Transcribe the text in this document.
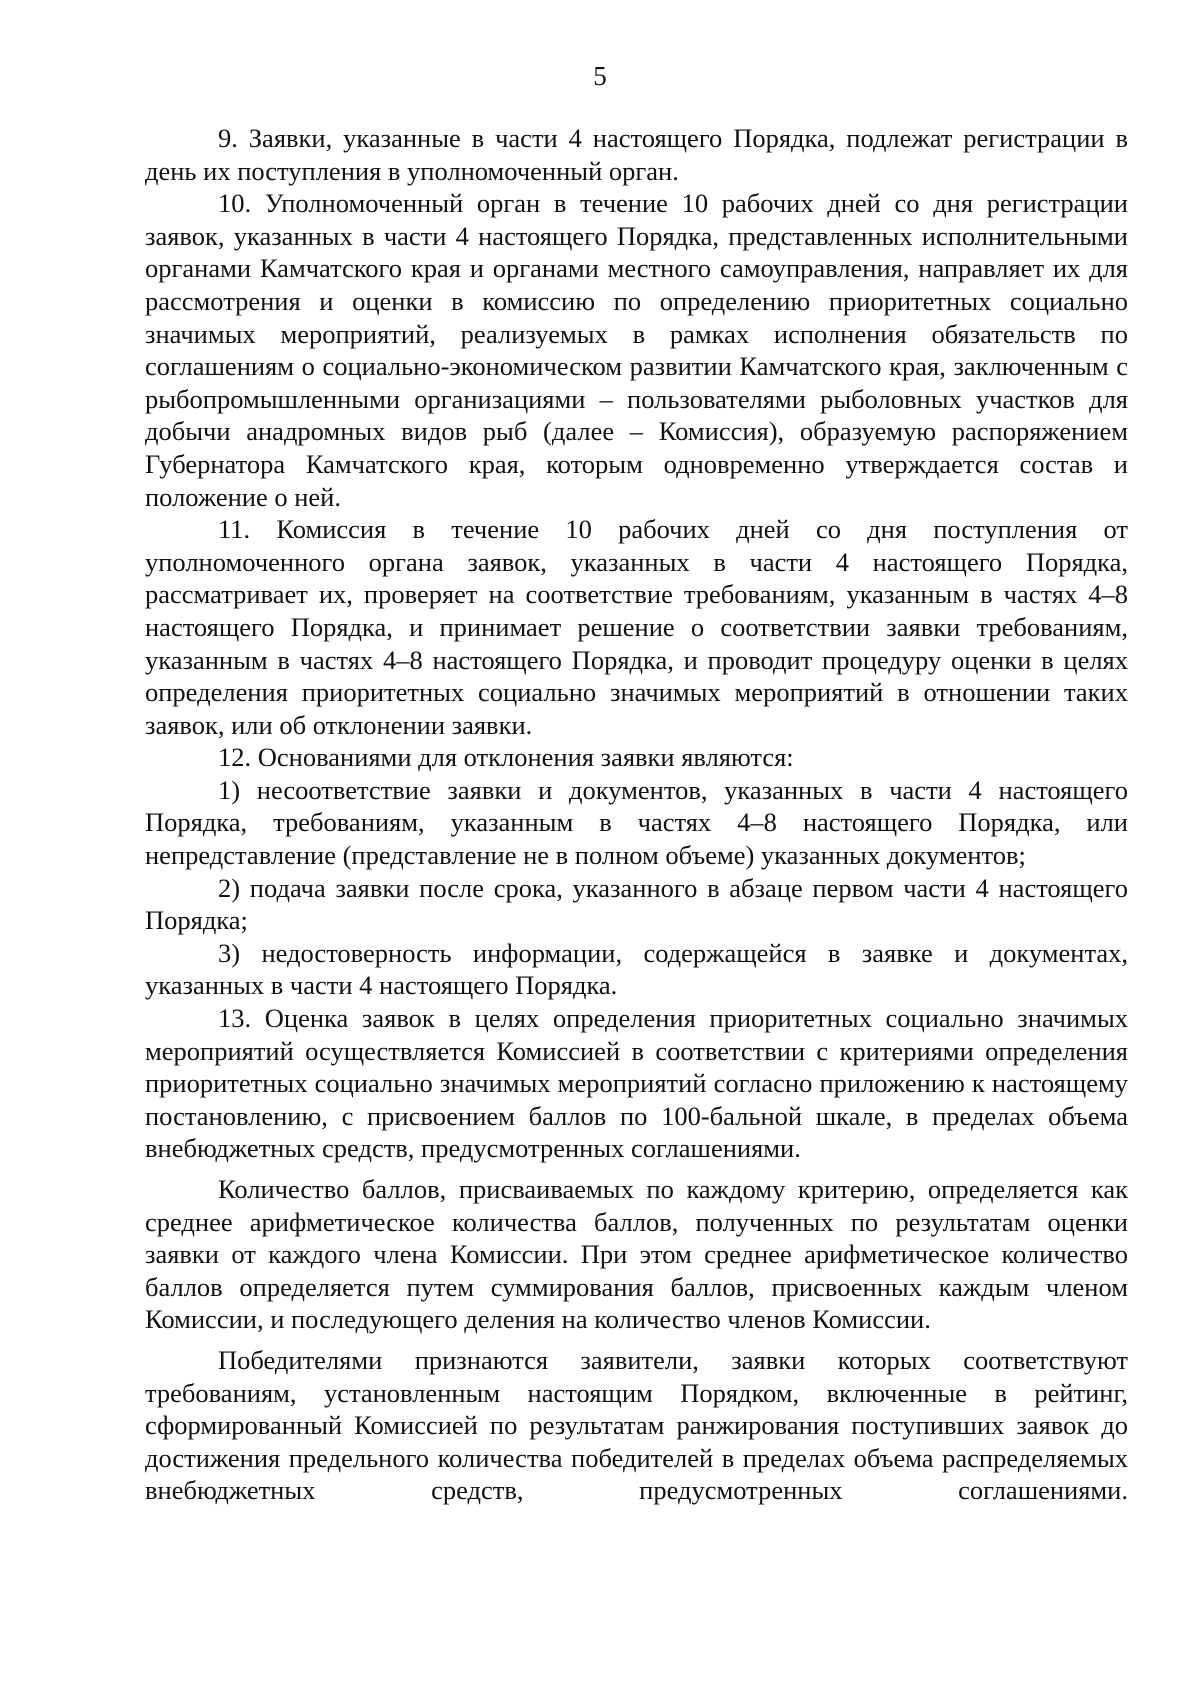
5

9. Заявки, указанные в части 4 настоящего Порядка, подлежат регистрации в день их поступления в уполномоченный орган.

10. Уполномоченный орган в течение 10 рабочих дней со дня регистрации заявок, указанных в части 4 настоящего Порядка, представленных исполнительными органами Камчатского края и органами местного самоуправления, направляет их для рассмотрения и оценки в комиссию по определению приоритетных социально значимых мероприятий, реализуемых в рамках исполнения обязательств по соглашениям о социально-экономическом развитии Камчатского края, заключенным с рыбопромышленными организациями – пользователями рыболовных участков для добычи анадромных видов рыб (далее – Комиссия), образуемую распоряжением Губернатора Камчатского края, которым одновременно утверждается состав и положение о ней.

11. Комиссия в течение 10 рабочих дней со дня поступления от уполномоченного органа заявок, указанных в части 4 настоящего Порядка, рассматривает их, проверяет на соответствие требованиям, указанным в частях 4–8 настоящего Порядка, и принимает решение о соответствии заявки требованиям, указанным в частях 4–8 настоящего Порядка, и проводит процедуру оценки в целях определения приоритетных социально значимых мероприятий в отношении таких заявок, или об отклонении заявки.

12. Основаниями для отклонения заявки являются:

1) несоответствие заявки и документов, указанных в части 4 настоящего Порядка, требованиям, указанным в частях 4–8 настоящего Порядка, или непредставление (представление не в полном объеме) указанных документов;

2) подача заявки после срока, указанного в абзаце первом части 4 настоящего Порядка;

3) недостоверность информации, содержащейся в заявке и документах, указанных в части 4 настоящего Порядка.

13. Оценка заявок в целях определения приоритетных социально значимых мероприятий осуществляется Комиссией в соответствии с критериями определения приоритетных социально значимых мероприятий согласно приложению к настоящему постановлению, с присвоением баллов по 100-бальной шкале, в пределах объема внебюджетных средств, предусмотренных соглашениями.

Количество баллов, присваиваемых по каждому критерию, определяется как среднее арифметическое количества баллов, полученных по результатам оценки заявки от каждого члена Комиссии. При этом среднее арифметическое количество баллов определяется путем суммирования баллов, присвоенных каждым членом Комиссии, и последующего деления на количество членов Комиссии.

Победителями признаются заявители, заявки которых соответствуют требованиям, установленным настоящим Порядком, включенные в рейтинг, сформированный Комиссией по результатам ранжирования поступивших заявок до достижения предельного количества победителей в пределах объема распределяемых внебюджетных средств, предусмотренных соглашениями.
